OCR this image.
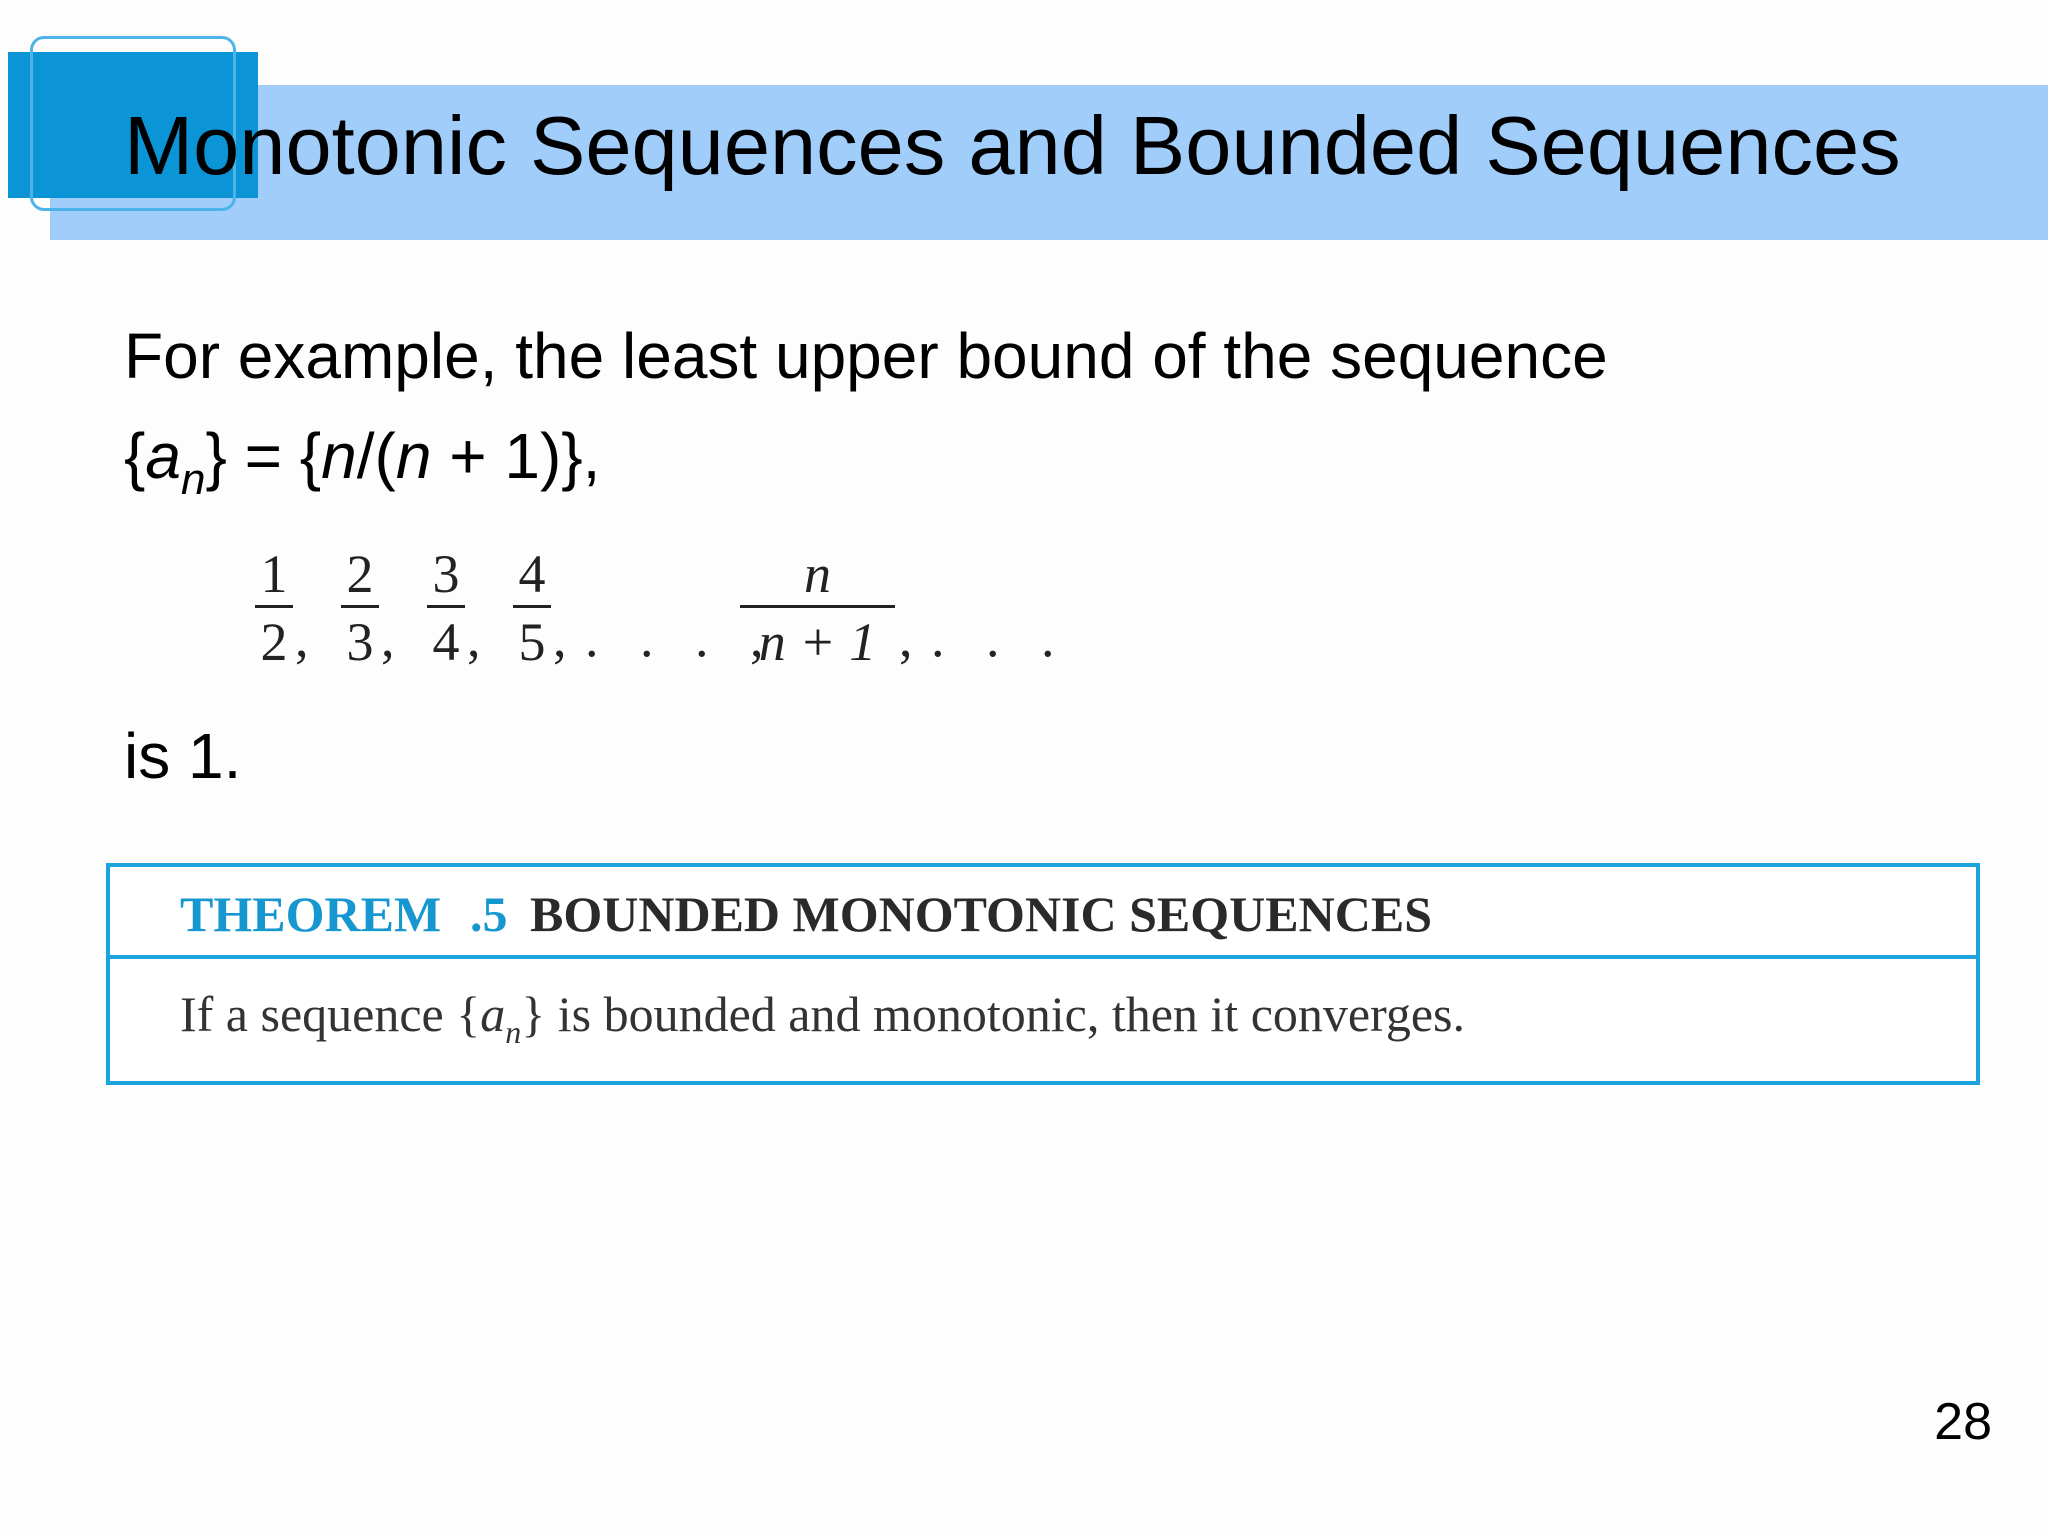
Monotonic Sequences and Bounded Sequences

For example, the least upper bound of the sequence

$\{a_n\} = \{n/(n + 1)\}$,

1
2 ,
2
3 ,
3
4 ,
4
5 , . . . ,
n
n + 1 , . . .

is 1.

THEOREM .5 BOUNDED MONOTONIC SEQUENCES
If a sequence $\{a_n\}$ is bounded and monotonic, then it converges.
28
